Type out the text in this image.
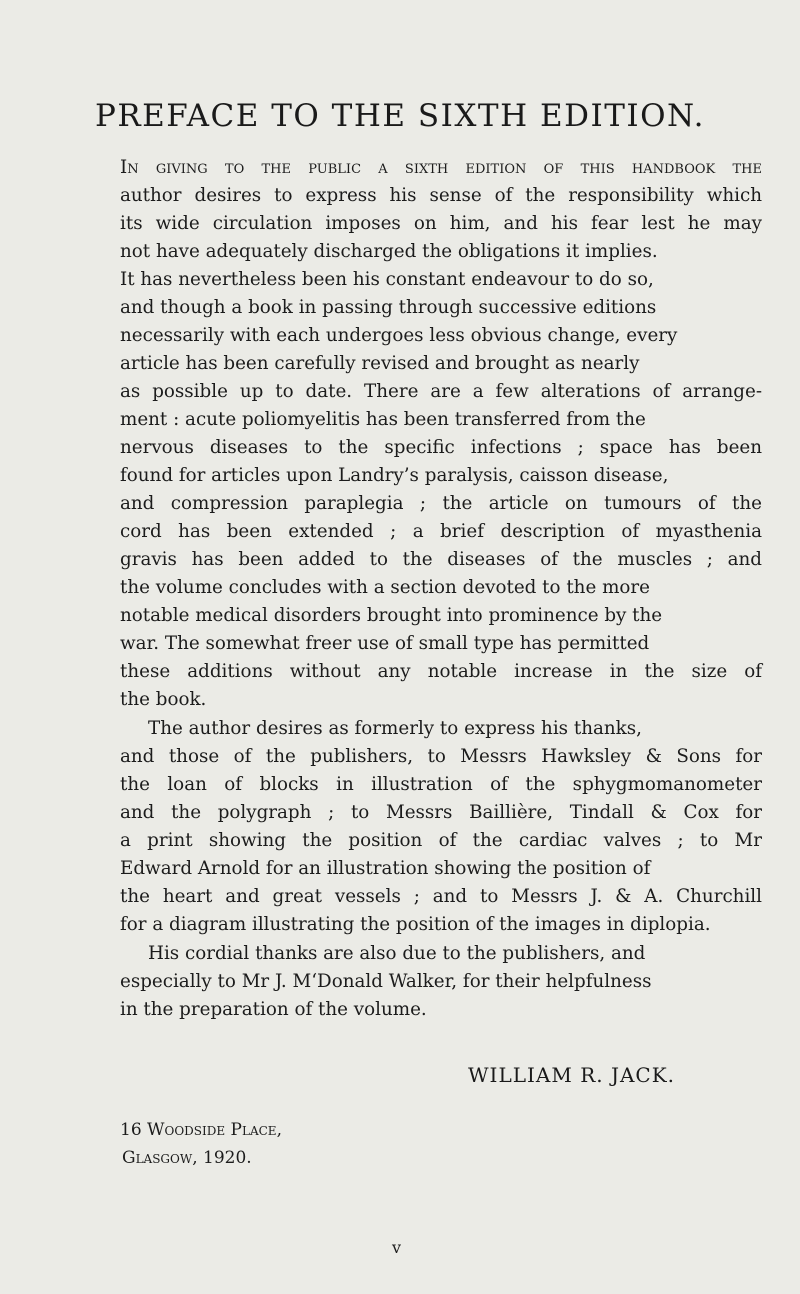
PREFACE TO THE SIXTH EDITION.
In giving to the public a sixth edition of this handbook the
author desires to express his sense of the responsibility which
its wide circulation imposes on him, and his fear lest he may
not have adequately discharged the obligations it implies.
It has nevertheless been his constant endeavour to do so,
and though a book in passing through successive editions
necessarily with each undergoes less obvious change, every
article has been carefully revised and brought as nearly
as possible up to date. There are a few alterations of arrange-
ment : acute poliomyelitis has been transferred from the
nervous diseases to the specific infections ; space has been
found for articles upon Landry’s paralysis, caisson disease,
and compression paraplegia ; the article on tumours of the
cord has been extended ; a brief description of myasthenia
gravis has been added to the diseases of the muscles ; and
the volume concludes with a section devoted to the more
notable medical disorders brought into prominence by the
war. The somewhat freer use of small type has permitted
these additions without any notable increase in the size of
the book.
The author desires as formerly to express his thanks,
and those of the publishers, to Messrs Hawksley & Sons for
the loan of blocks in illustration of the sphygmomanometer
and the polygraph ; to Messrs Baillière, Tindall & Cox for
a print showing the position of the cardiac valves ; to Mr
Edward Arnold for an illustration showing the position of
the heart and great vessels ; and to Messrs J. & A. Churchill
for a diagram illustrating the position of the images in diplopia.
His cordial thanks are also due to the publishers, and
especially to Mr J. M‘Donald Walker, for their helpfulness
in the preparation of the volume.
WILLIAM R. JACK.
16 Woodside Place,
Glasgow, 1920.
v
